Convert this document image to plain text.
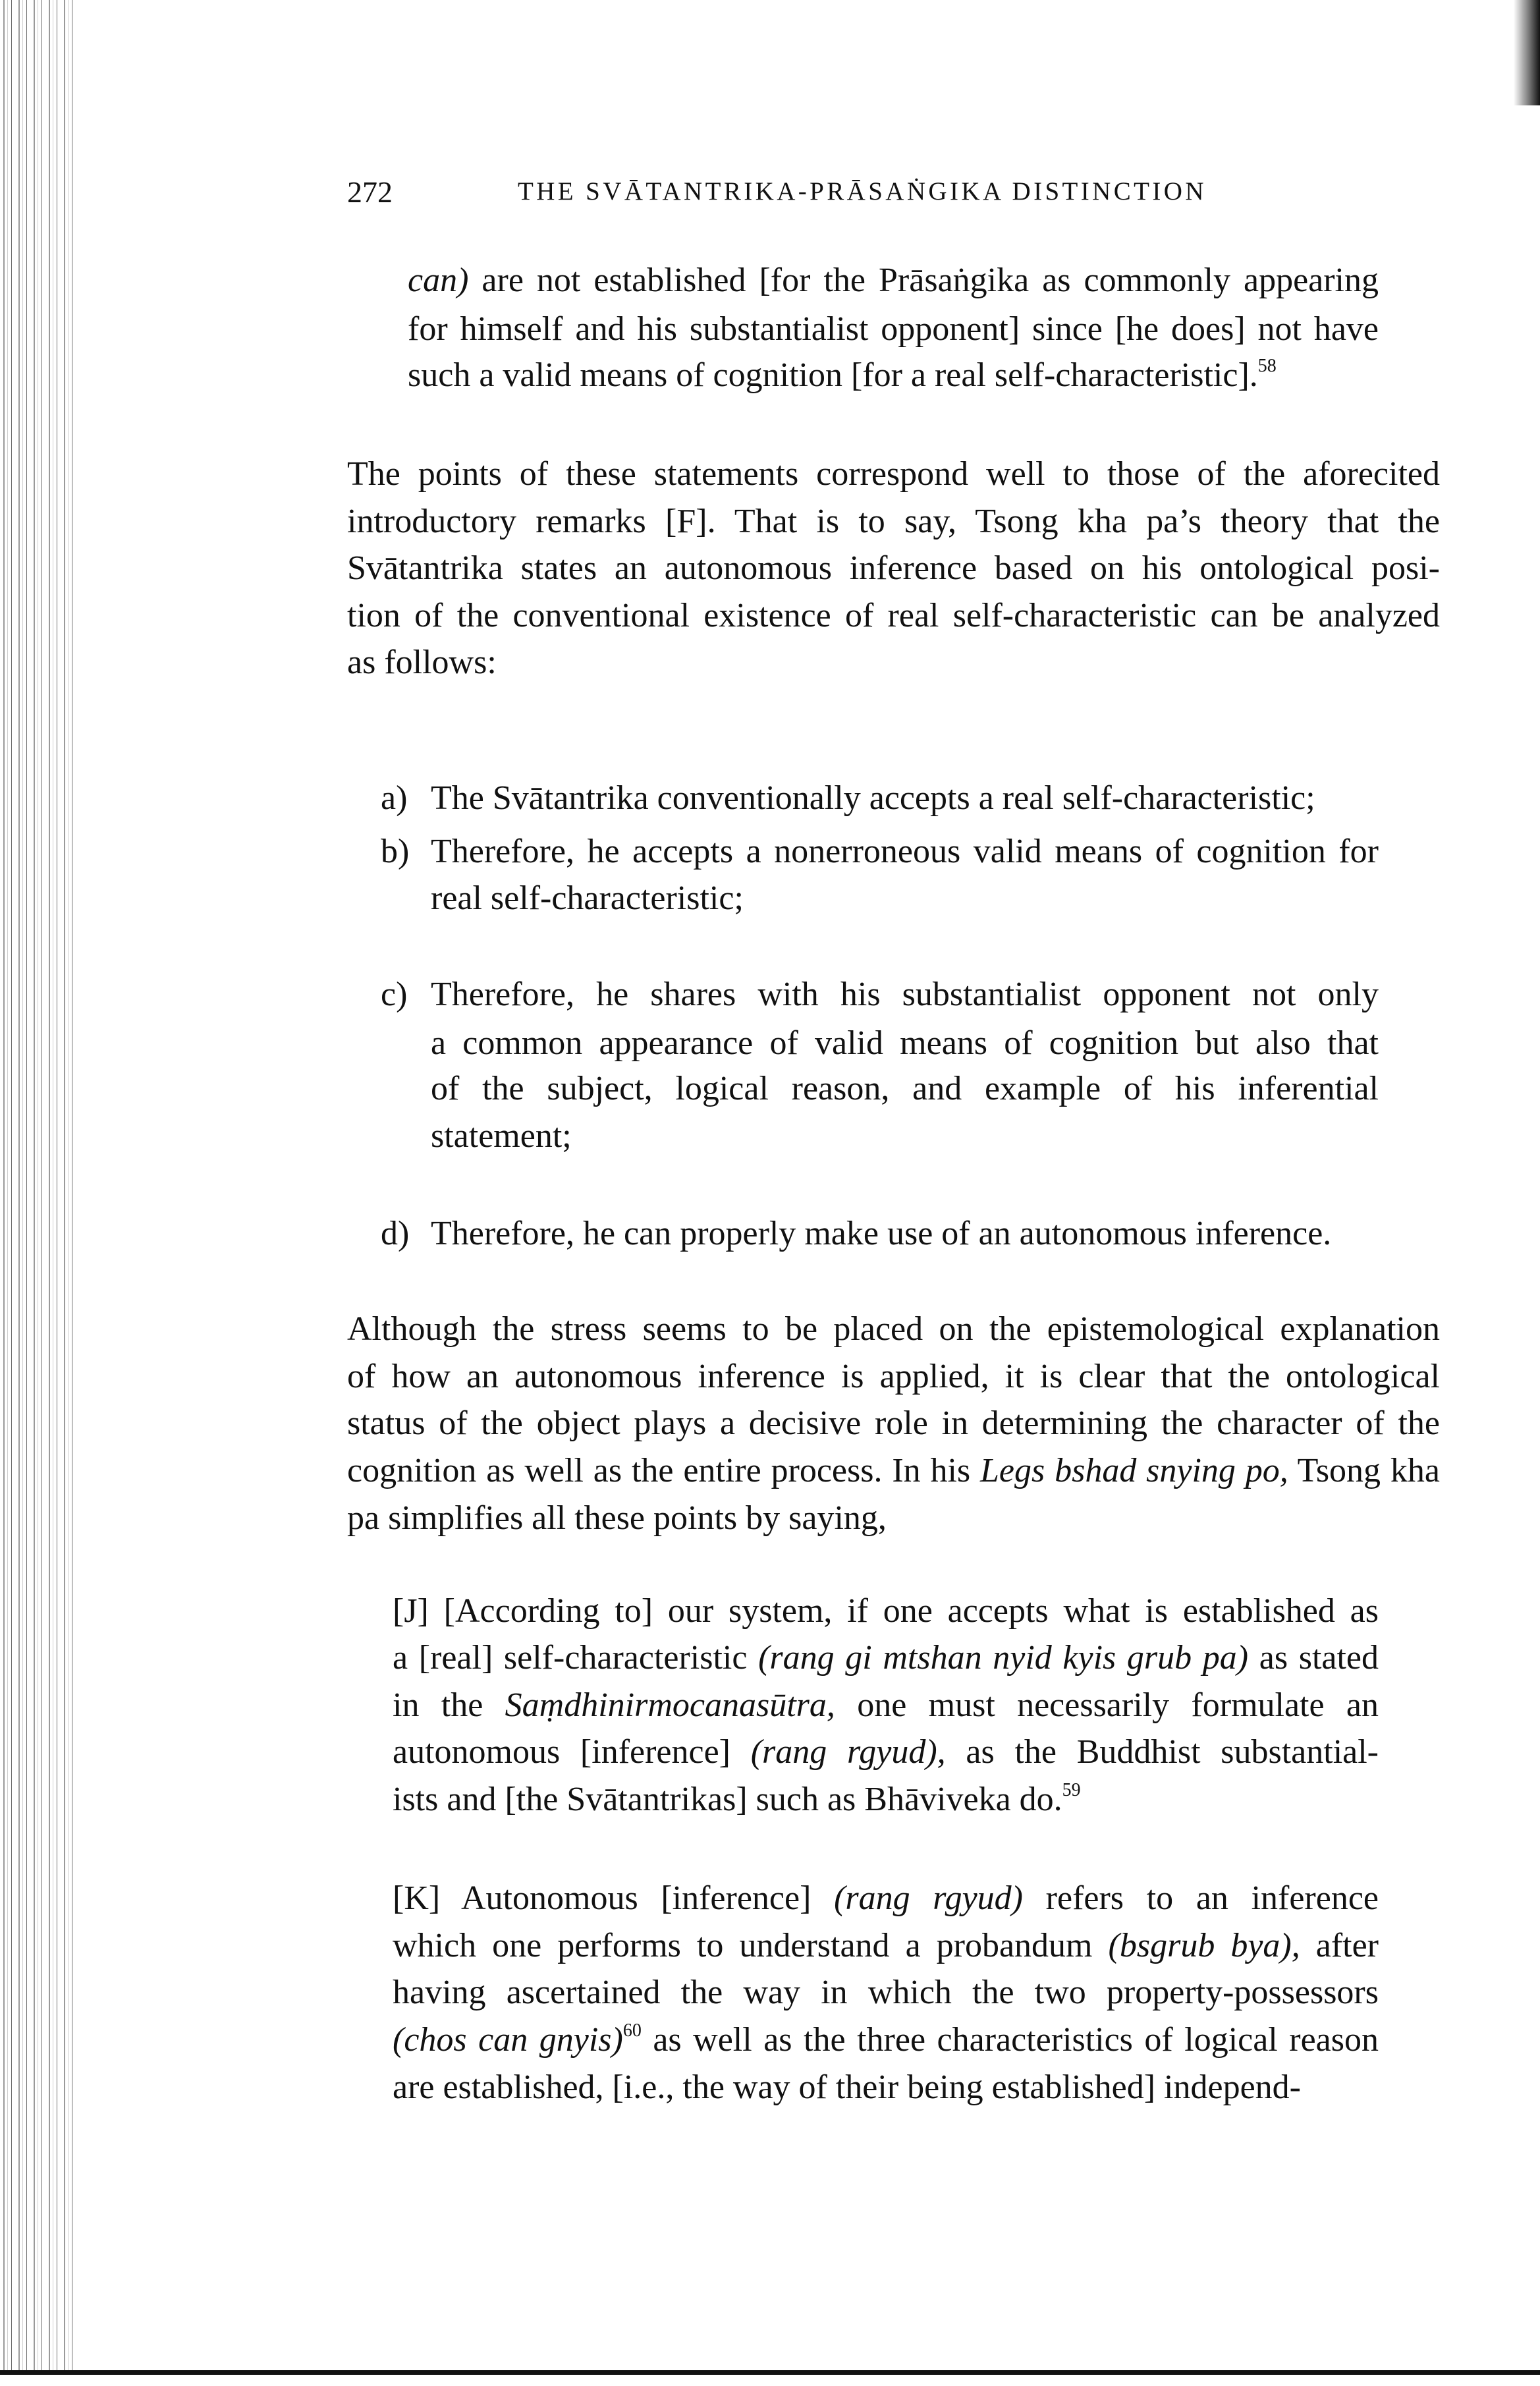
272	THE SVĀTANTRIKA-PRĀSAṄGIKA DISTINCTION
can) are not established [for the Prāsaṅgika as commonly appearing
for himself and his substantialist opponent] since [he does] not have
such a valid means of cognition [for a real self-characteristic].$^{58}$
The points of these statements correspond well to those of the aforecited
introductory remarks [F]. That is to say, Tsong kha pa’s theory that the
Svātantrika states an autonomous inference based on his ontological posi-
tion of the conventional existence of real self-characteristic can be analyzed
as follows:
a) The Svātantrika conventionally accepts a real self-characteristic;
b) Therefore, he accepts a nonerroneous valid means of cognition for
real self-characteristic;
c) Therefore, he shares with his substantialist opponent not only
a common appearance of valid means of cognition but also that
of the subject, logical reason, and example of his inferential
statement;
d) Therefore, he can properly make use of an autonomous inference.
Although the stress seems to be placed on the epistemological explanation
of how an autonomous inference is applied, it is clear that the ontological
status of the object plays a decisive role in determining the character of the
cognition as well as the entire process. In his Legs bshad snying po, Tsong kha
pa simplifies all these points by saying,
[J] [According to] our system, if one accepts what is established as
a [real] self-characteristic (rang gi mtshan nyid kyis grub pa) as stated
in the Saṃdhinirmocanasūtra, one must necessarily formulate an
autonomous [inference] (rang rgyud), as the Buddhist substantial-
ists and [the Svātantrikas] such as Bhāviveka do.$^{59}$
[K] Autonomous [inference] (rang rgyud) refers to an inference
which one performs to understand a probandum (bsgrub bya), after
having ascertained the way in which the two property-possessors
(chos can gnyis)$^{60}$ as well as the three characteristics of logical reason
are established, [i.e., the way of their being established] independ-
